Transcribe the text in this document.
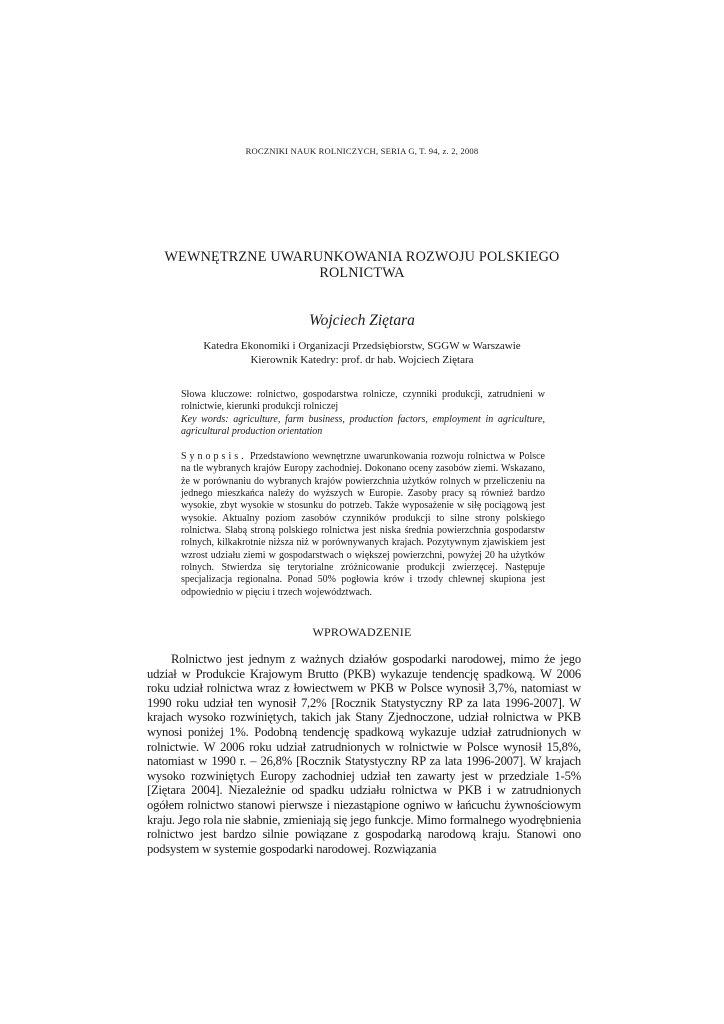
ROCZNIKI NAUK ROLNICZYCH, SERIA G, T. 94, z. 2, 2008
WEWNĘTRZNE UWARUNKOWANIA ROZWOJU POLSKIEGO ROLNICTWA
Wojciech Ziętara
Katedra Ekonomiki i Organizacji Przedsiębiorstw, SGGW w Warszawie
Kierownik Katedry: prof. dr hab. Wojciech Ziętara
Słowa kluczowe: rolnictwo, gospodarstwa rolnicze, czynniki produkcji, zatrudnieni w rolnictwie, kierunki produkcji rolniczej
Key words: agriculture, farm business, production factors, employment in agriculture, agricultural production orientation
Synopsis. Przedstawiono wewnętrzne uwarunkowania rozwoju rolnictwa w Polsce na tle wybranych krajów Europy zachodniej. Dokonano oceny zasobów ziemi. Wskazano, że w porównaniu do wybranych krajów powierzchnia użytków rolnych w przeliczeniu na jednego mieszkańca należy do wyższych w Europie. Zasoby pracy są również bardzo wysokie, zbyt wysokie w stosunku do potrzeb. Także wyposażenie w siłę pociągową jest wysokie. Aktualny poziom zasobów czynników produkcji to silne strony polskiego rolnictwa. Słabą stroną polskiego rolnictwa jest niska średnia powierzchnia gospodarstw rolnych, kilkakrotnie niższa niż w porównywanych krajach. Pozytywnym zjawiskiem jest wzrost udziału ziemi w gospodarstwach o większej powierzchni, powyżej 20 ha użytków rolnych. Stwierdza się terytorialne zróżnicowanie produkcji zwierzęcej. Następuje specjalizacja regionalna. Ponad 50% pogłowia krów i trzody chlewnej skupiona jest odpowiednio w pięciu i trzech województwach.
WPROWADZENIE

Rolnictwo jest jednym z ważnych działów gospodarki narodowej, mimo że jego udział w Produkcie Krajowym Brutto (PKB) wykazuje tendencję spadkową. W 2006 roku udział rolnictwa wraz z łowiectwem w PKB w Polsce wynosił 3,7%, natomiast w 1990 roku udział ten wynosił 7,2% [Rocznik Statystyczny RP za lata 1996-2007]. W krajach wysoko rozwiniętych, takich jak Stany Zjednoczone, udział rolnictwa w PKB wynosi poniżej 1%. Podobną tendencję spadkową wykazuje udział zatrudnionych w rolnictwie. W 2006 roku udział zatrudnionych w rolnictwie w Polsce wynosił 15,8%, natomiast w 1990 r. – 26,8% [Rocznik Statystyczny RP za lata 1996-2007]. W krajach wysoko rozwiniętych Europy zachodniej udział ten zawarty jest w przedziale 1-5% [Ziętara 2004]. Niezależnie od spadku udziału rolnictwa w PKB i w zatrudnionych ogółem rolnictwo stanowi pierwsze i niezastąpione ogniwo w łańcuchu żywnościowym kraju. Jego rola nie słabnie, zmieniają się jego funkcje. Mimo formalnego wyodrębnienia rolnictwo jest bardzo silnie powiązane z gospodarką narodową kraju. Stanowi ono podsystem w systemie gospodarki narodowej. Rozwiązania
